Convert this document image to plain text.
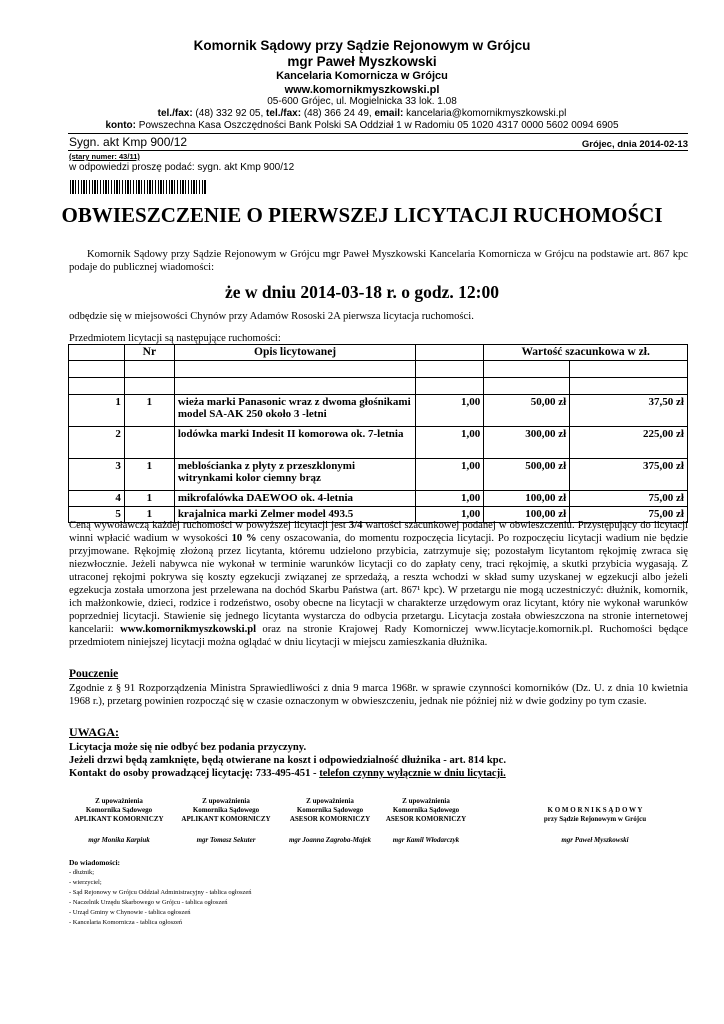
Komornik Sądowy przy Sądzie Rejonowym w Grójcu
mgr Paweł Myszkowski
Kancelaria Komornicza w Grójcu
www.komornikmyszkowski.pl
05-600 Grójec, ul. Mogielnicka 33 lok. 1.08
tel./fax: (48) 332 92 05, tel./fax: (48) 366 24 49, email: kancelaria@komornikmyszkowski.pl
konto: Powszechna Kasa Oszczędności Bank Polski SA Oddział 1 w Radomiu 05 1020 4317 0000 5602 0094 6905
Sygn. akt Kmp 900/12	Grójec, dnia 2014-02-13
(stary numer: 43/11)
w odpowiedzi proszę podać: sygn. akt Kmp 900/12
OBWIESZCZENIE O PIERWSZEJ LICYTACJI RUCHOMOŚCI
Komornik Sądowy przy Sądzie Rejonowym w Grójcu mgr Paweł Myszkowski Kancelaria Komornicza w Grójcu na podstawie art. 867 kpc podaje do publicznej wiadomości:
że w dniu 2014-03-18 r. o godz. 12:00
odbędzie się w miejsowości Chynów przy Adamów Rososki 2A pierwsza licytacja ruchomości.
Przedmiotem licytacji są następujące ruchomości:
	Nr	Opis licytowanej		Wartość szacunkowa w zł.	

1	1	wieża marki Panasonic wraz z dwoma głośnikami model SA-AK 250 około 3 -letni	1,00	50,00 zł	37,50 zł
2		lodówka marki Indesit II komorowa ok. 7-letnia	1,00	300,00 zł	225,00 zł
3	1	meblościanka z płyty z przeszklonymi witrynkami kolor ciemny brąz	1,00	500,00 zł	375,00 zł
4	1	mikrofalówka DAEWOO ok. 4-letnia	1,00	100,00 zł	75,00 zł
5	1	krajalnica marki Zelmer model 493.5	1,00	100,00 zł	75,00 zł
Ceną wywoławczą każdej ruchomości w powyższej licytacji jest 3/4 wartości szacunkowej podanej w obwieszczeniu. Przystępujący do licytacji winni wpłacić wadium w wysokości 10 % ceny oszacowania, do momentu rozpoczęcia licytacji. Po rozpoczęciu licytacji wadium nie będzie przyjmowane. Rękojmię złożoną przez licytanta, któremu udzielono przybicia, zatrzymuje się; pozostałym licytantom rękojmię zwraca się niezwłocznie. Jeżeli nabywca nie wykonał w terminie warunków licytacji co do zapłaty ceny, traci rękojmię, a skutki przybicia wygasają. Z utraconej rękojmi pokrywa się koszty egzekucji związanej ze sprzedażą, a reszta wchodzi w skład sumy uzyskanej w egzekucji albo jeżeli egzekucja została umorzona jest przelewana na dochód Skarbu Państwa (art. 867¹ kpc). W przetargu nie mogą uczestniczyć: dłużnik, komornik, ich małżonkowie, dzieci, rodzice i rodzeństwo, osoby obecne na licytacji w charakterze urzędowym oraz licytant, który nie wykonał warunków poprzedniej licytacji. Stawienie się jednego licytanta wystarcza do odbycia przetargu. Licytacja została obwieszczona na stronie internetowej kancelarii: www.komornikmyszkowski.pl oraz na stronie Krajowej Rady Komorniczej www.licytacje.komornik.pl. Ruchomości będące przedmiotem niniejszej licytacji można oglądać w dniu licytacji w miejscu zamieszkania dłużnika.
Pouczenie
Zgodnie z § 91 Rozporządzenia Ministra Sprawiedliwości z dnia 9 marca 1968r. w sprawie czynności komorników (Dz. U. z dnia 10 kwietnia 1968 r.), przetarg powinien rozpocząć się w czasie oznaczonym w obwieszczeniu, jednak nie później niż w dwie godziny po tym czasie.
UWAGA:
Licytacja może się nie odbyć bez podania przyczyny.
Jeżeli drzwi będą zamknięte, będą otwierane na koszt i odpowiedzialność dłużnika - art. 814 kpc.
Kontakt do osoby prowadzącej licytację: 733-495-451 - telefon czynny wyłącznie w dniu licytacji.
Z upoważnienia
Komornika Sądowego
APLIKANT KOMORNICZY
mgr Monika Karpiuk
Z upoważnienia
Komornika Sądowego
APLIKANT KOMORNICZY
mgr Tomasz Sekuter
Z upoważnienia
Komornika Sądowego
ASESOR KOMORNICZY
mgr Joanna Zagroba-Majek
Z upoważnienia
Komornika Sądowego
ASESOR KOMORNICZY
mgr Kamil Włodarczyk
K O M O R N I K S Ą D O W Y
przy Sądzie Rejonowym w Grójcu
mgr Paweł Myszkowski
Do wiadomości:
- dłużnik;
- wierzyciel;
- Sąd Rejonowy w Grójcu Oddział Administracyjny - tablica ogłoszeń
- Naczelnik Urzędu Skarbowego w Grójcu - tablica ogłoszeń
- Urząd Gminy w Chynowie - tablica ogłoszeń
- Kancelaria Komornicza - tablica ogłoszeń
